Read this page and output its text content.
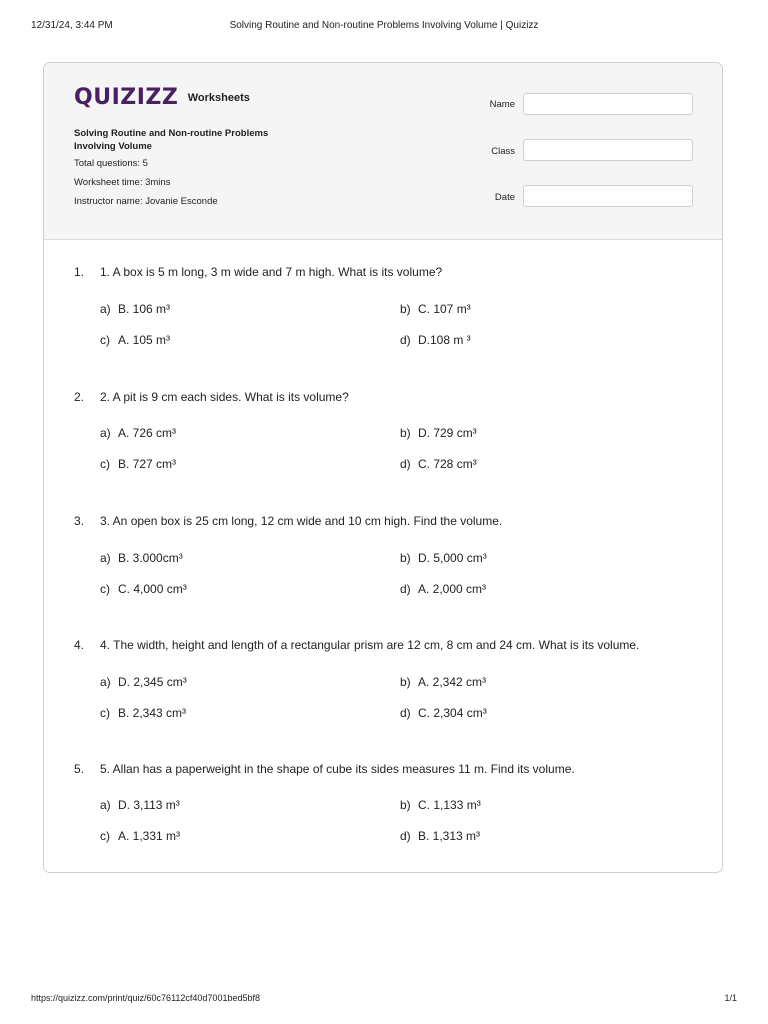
12/31/24, 3:44 PM	Solving Routine and Non-routine Problems Involving Volume | Quizizz
QUIZIZZ Worksheets
Solving Routine and Non-routine Problems
Involving Volume
Total questions: 5
Worksheet time: 3mins
Instructor name: Jovanie Esconde
Name
Class
Date
1. 1. A box is 5 m long, 3 m wide and 7 m high. What is its volume?
a) B. 106 m³	b) C. 107 m³
c) A. 105 m³	d) D.108 m ³
2. 2. A pit is 9 cm each sides. What is its volume?
a) A. 726 cm³	b) D. 729 cm³
c) B. 727 cm³	d) C. 728 cm³
3. 3. An open box is 25 cm long, 12 cm wide and 10 cm high. Find the volume.
a) B. 3.000cm³	b) D. 5,000 cm³
c) C. 4,000 cm³	d) A. 2,000 cm³
4. 4. The width, height and length of a rectangular prism are 12 cm, 8 cm and 24 cm. What is its volume.
a) D. 2,345 cm³	b) A. 2,342 cm³
c) B. 2,343 cm³	d) C. 2,304 cm³
5. 5. Allan has a paperweight in the shape of cube its sides measures 11 m. Find its volume.
a) D. 3,113 m³	b) C. 1,133 m³
c) A. 1,331 m³	d) B. 1,313 m³
https://quizizz.com/print/quiz/60c76112cf40d7001bed5bf8	1/1
